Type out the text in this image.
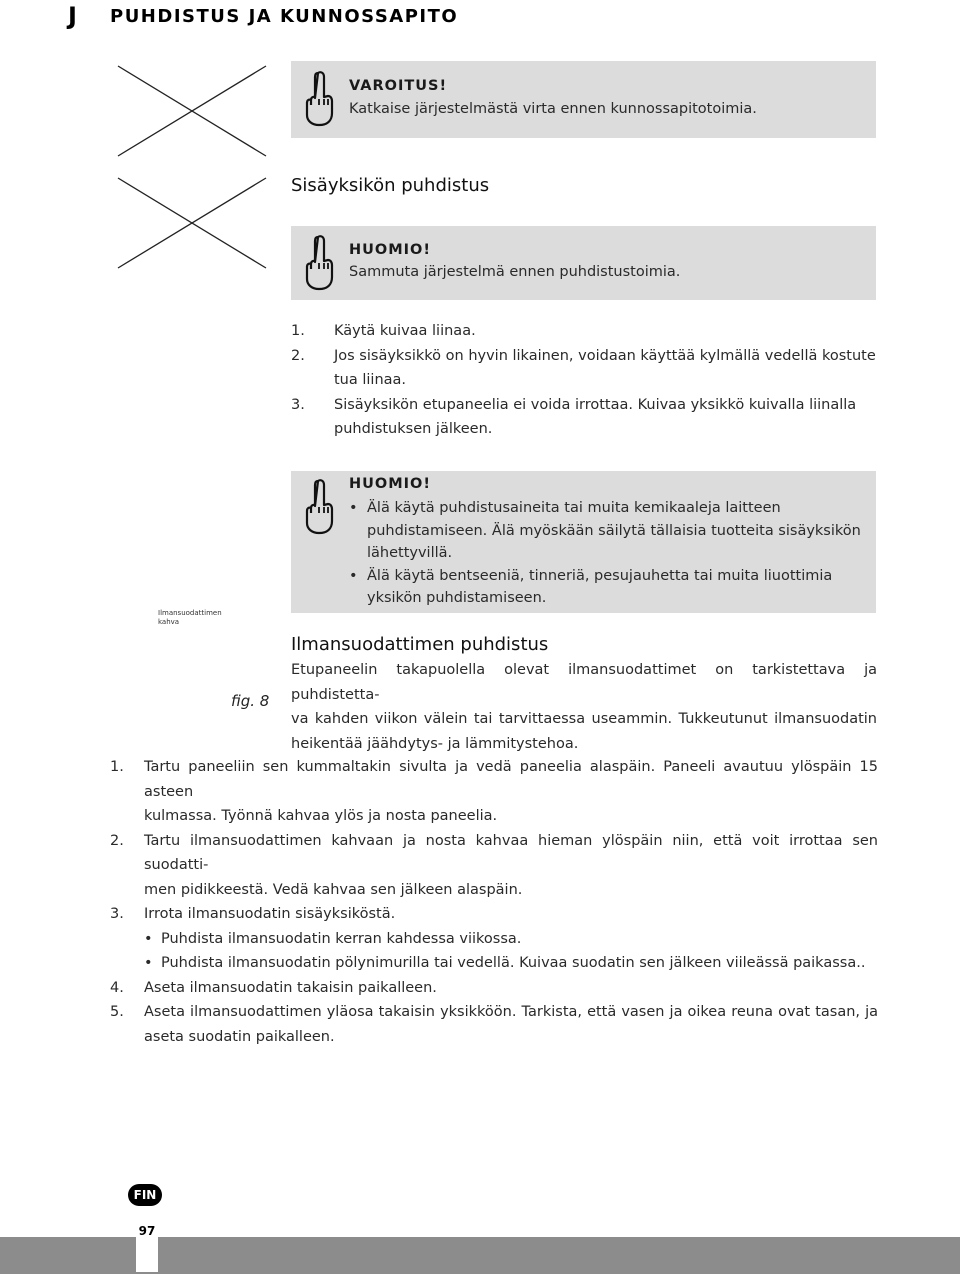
J PUHDISTUS JA KUNNOSSAPITO
VAROITUS!
Katkaise järjestelmästä virta ennen kunnossapitotoimia.
Sisäyksikön puhdistus
HUOMIO!
Sammuta järjestelmä ennen puhdistustoimia.
1. Käytä kuivaa liinaa.
2. Jos sisäyksikkö on hyvin likainen, voidaan käyttää kylmällä vedellä kostute
tua liinaa.
3. Sisäyksikön etupaneelia ei voida irrottaa. Kuivaa yksikkö kuivalla liinalla
puhdistuksen jälkeen.
HUOMIO!
• Älä käytä puhdistusaineita tai muita kemikaaleja laitteen
puhdistamiseen. Älä myöskään säilytä tällaisia tuotteita sisäyksikön
lähettyvillä.
• Älä käytä bentseeniä, tinneriä, pesujauhetta tai muita liuottimia
yksikön puhdistamiseen.
Ilmansuodattimen
kahva
fig. 8
Ilmansuodattimen puhdistus
Etupaneelin takapuolella olevat ilmansuodattimet on tarkistettava ja puhdistetta-
va kahden viikon välein tai tarvittaessa useammin. Tukkeutunut ilmansuodatin
heikentää jäähdytys- ja lämmitystehoa.
1. Tartu paneeliin sen kummaltakin sivulta ja vedä paneelia alaspäin. Paneeli avautuu ylöspäin 15 asteen
kulmassa. Työnnä kahvaa ylös ja nosta paneelia.
2. Tartu ilmansuodattimen kahvaan ja nosta kahvaa hieman ylöspäin niin, että voit irrottaa sen suodatti-
men pidikkeestä. Vedä kahvaa sen jälkeen alaspäin.
3. Irrota ilmansuodatin sisäyksiköstä.
• Puhdista ilmansuodatin kerran kahdessa viikossa.
• Puhdista ilmansuodatin pölynimurilla tai vedellä. Kuivaa suodatin sen jälkeen viileässä paikassa..
4. Aseta ilmansuodatin takaisin paikalleen.
5. Aseta ilmansuodattimen yläosa takaisin yksikköön. Tarkista, että vasen ja oikea reuna ovat tasan, ja
aseta suodatin paikalleen.
FIN
97
